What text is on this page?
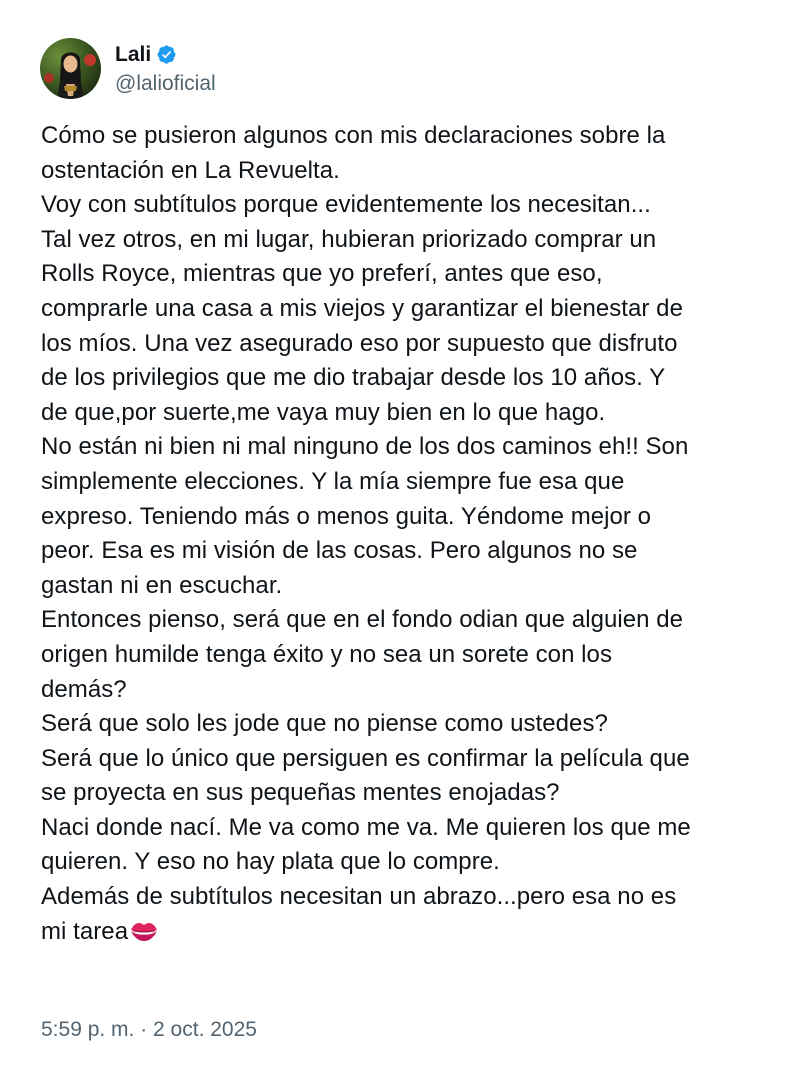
Lali
@lalioficial
Cómo se pusieron algunos con mis declaraciones sobre la
ostentación en La Revuelta.
Voy con subtítulos porque evidentemente los necesitan...
Tal vez otros, en mi lugar, hubieran priorizado comprar un
Rolls Royce, mientras que yo preferí, antes que eso,
comprarle una casa a mis viejos y garantizar el bienestar de
los míos. Una vez asegurado eso por supuesto que disfruto
de los privilegios que me dio trabajar desde los 10 años. Y
de que,por suerte,me vaya muy bien en lo que hago.
No están ni bien ni mal ninguno de los dos caminos eh!! Son
simplemente elecciones. Y la mía siempre fue esa que
expreso. Teniendo más o menos guita. Yéndome mejor o
peor. Esa es mi visión de las cosas. Pero algunos no se
gastan ni en escuchar.
Entonces pienso, será que en el fondo odian que alguien de
origen humilde tenga éxito y no sea un sorete con los
demás?
Será que solo les jode que no piense como ustedes?
Será que lo único que persiguen es confirmar la película que
se proyecta en sus pequeñas mentes enojadas?
Naci donde nací. Me va como me va. Me quieren los que me
quieren. Y eso no hay plata que lo compre.
Además de subtítulos necesitan un abrazo...pero esa no es
mi tarea
5:59 p. m. · 2 oct. 2025
